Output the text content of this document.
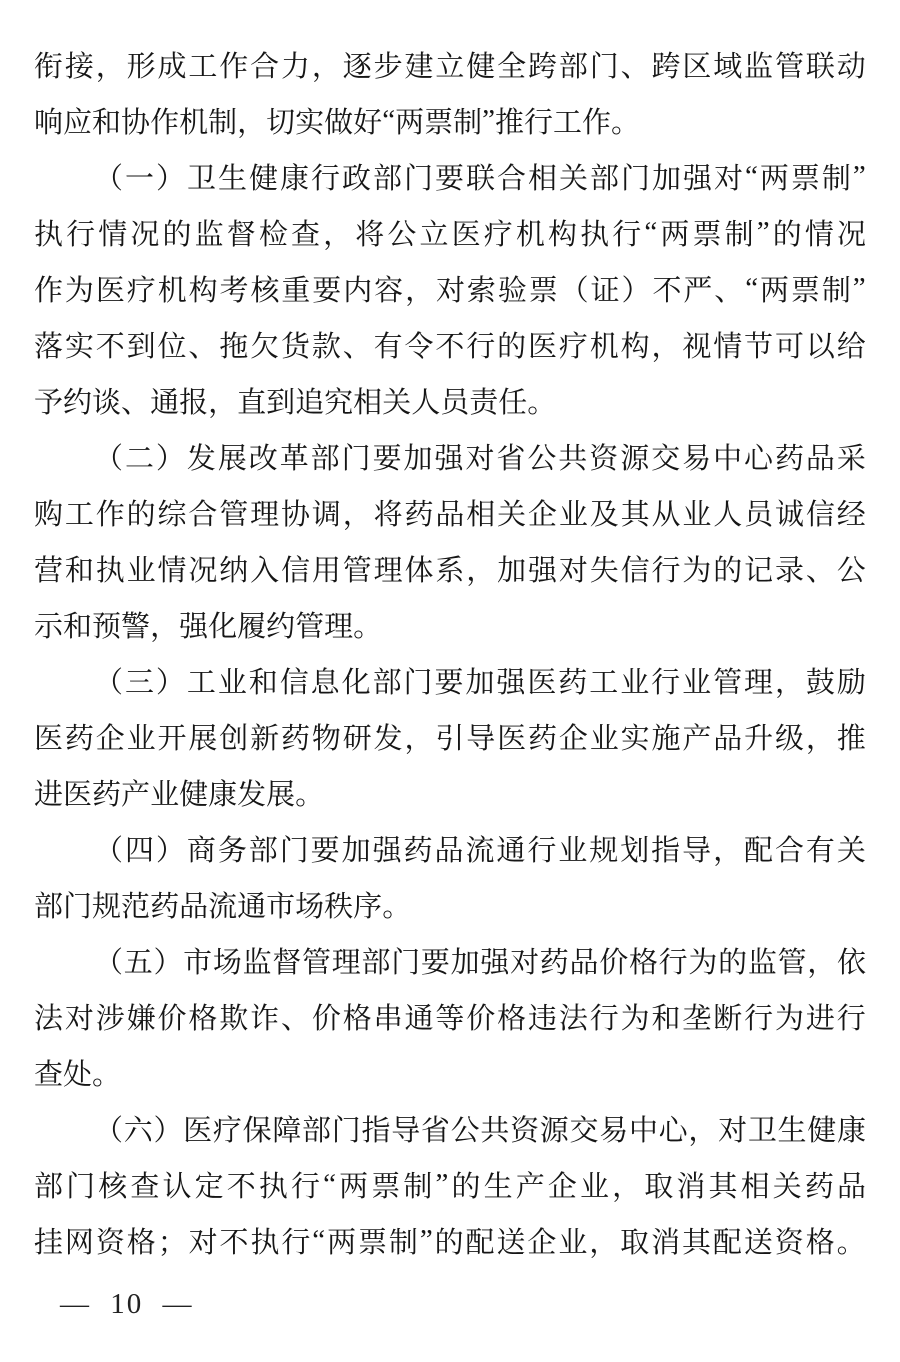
衔 接 ， 形 成 工 作 合 力 ， 逐 步 建 立 健 全 跨 部 门 、 跨 区 域 监 管 联 动
响 应 和 协 作 机 制 ， 切 实 做 好 “ 两 票 制 ” 推 行 工 作 。
（ 一 ） 卫 生 健 康 行 政 部 门 要 联 合 相 关 部 门 加 强 对 “ 两 票 制 ”
执 行 情 况 的 监 督 检 查 ， 将 公 立 医 疗 机 构 执 行 “ 两 票 制 ” 的 情 况
作 为 医 疗 机 构 考 核 重 要 内 容 ， 对 索 验 票 （ 证 ） 不 严 、 “ 两 票 制 ”
落 实 不 到 位 、 拖 欠 货 款 、 有 令 不 行 的 医 疗 机 构 ， 视 情 节 可 以 给
予 约 谈 、 通 报 ， 直 到 追 究 相 关 人 员 责 任 。
（ 二 ） 发 展 改 革 部 门 要 加 强 对 省 公 共 资 源 交 易 中 心 药 品 采
购 工 作 的 综 合 管 理 协 调 ， 将 药 品 相 关 企 业 及 其 从 业 人 员 诚 信 经
营 和 执 业 情 况 纳 入 信 用 管 理 体 系 ， 加 强 对 失 信 行 为 的 记 录 、 公
示 和 预 警 ， 强 化 履 约 管 理 。
（ 三 ） 工 业 和 信 息 化 部 门 要 加 强 医 药 工 业 行 业 管 理 ， 鼓 励
医 药 企 业 开 展 创 新 药 物 研 发 ， 引 导 医 药 企 业 实 施 产 品 升 级 ， 推
进 医 药 产 业 健 康 发 展 。
（ 四 ） 商 务 部 门 要 加 强 药 品 流 通 行 业 规 划 指 导 ， 配 合 有 关
部 门 规 范 药 品 流 通 市 场 秩 序 。
（ 五 ） 市 场 监 督 管 理 部 门 要 加 强 对 药 品 价 格 行 为 的 监 管 ， 依
法 对 涉 嫌 价 格 欺 诈 、 价 格 串 通 等 价 格 违 法 行 为 和 垄 断 行 为 进 行
查 处 。
（ 六 ） 医 疗 保 障 部 门 指 导 省 公 共 资 源 交 易 中 心 ， 对 卫 生 健 康
部 门 核 查 认 定 不 执 行 “ 两 票 制 ” 的 生 产 企 业 ， 取 消 其 相 关 药 品
挂 网 资 格 ； 对 不 执 行 “ 两 票 制 ” 的 配 送 企 业 ， 取 消 其 配 送 资 格 。
— 10 —
